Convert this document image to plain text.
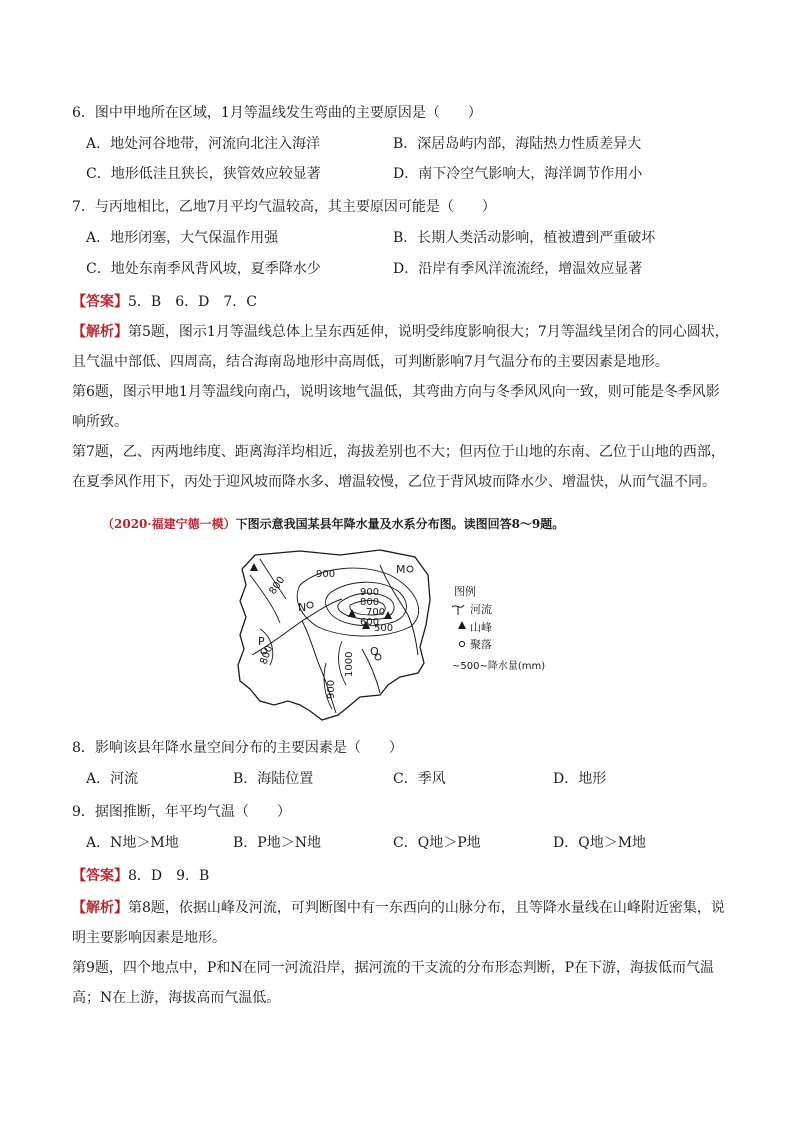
6．图中甲地所在区域，1月等温线发生弯曲的主要原因是（　　）
A．地处河谷地带，河流向北注入海洋	B．深居岛屿内部，海陆热力性质差异大
C．地形低洼且狭长，狭管效应较显著	D．南下冷空气影响大，海洋调节作用小
7．与丙地相比，乙地7月平均气温较高，其主要原因可能是（　　）
A．地形闭塞，大气保温作用强	B．长期人类活动影响，植被遭到严重破坏
C．地处东南季风背风坡，夏季降水少	D．沿岸有季风洋流流经，增温效应显著
【答案】5．B　6．D　7．C
【解析】第5题，图示1月等温线总体上呈东西延伸，说明受纬度影响很大；7月等温线呈闭合的同心圆状，且气温中部低、四周高，结合海南岛地形中高周低，可判断影响7月气温分布的主要因素是地形。
第6题，图示甲地1月等温线向南凸，说明该地气温低，其弯曲方向与冬季风风向一致，则可能是冬季风影响所致。
第7题，乙、丙两地纬度、距离海洋均相近，海拔差别也不大；但丙位于山地的东南、乙位于山地的西部，在夏季风作用下，丙处于迎风坡而降水多、增温较慢，乙位于背风坡而降水少、增温快，从而气温不同。
（2020·福建宁德一模）下图示意我国某县年降水量及水系分布图。读图回答8～9题。
900
800	900
800
700
600
500
800	1000
900
M
N
P
Q
图例
河流
山峰
聚落
~500~降水量(mm)
8．影响该县年降水量空间分布的主要因素是（　　）
A．河流	B．海陆位置	C．季风	D．地形
9．据图推断，年平均气温（　　）
A．N地＞M地	B．P地＞N地	C．Q地＞P地	D．Q地＞M地
【答案】8．D　9．B
【解析】第8题，依据山峰及河流，可判断图中有一东西向的山脉分布，且等降水量线在山峰附近密集，说明主要影响因素是地形。
第9题，四个地点中，P和N在同一河流沿岸，据河流的干支流的分布形态判断，P在下游，海拔低而气温高；N在上游，海拔高而气温低。
